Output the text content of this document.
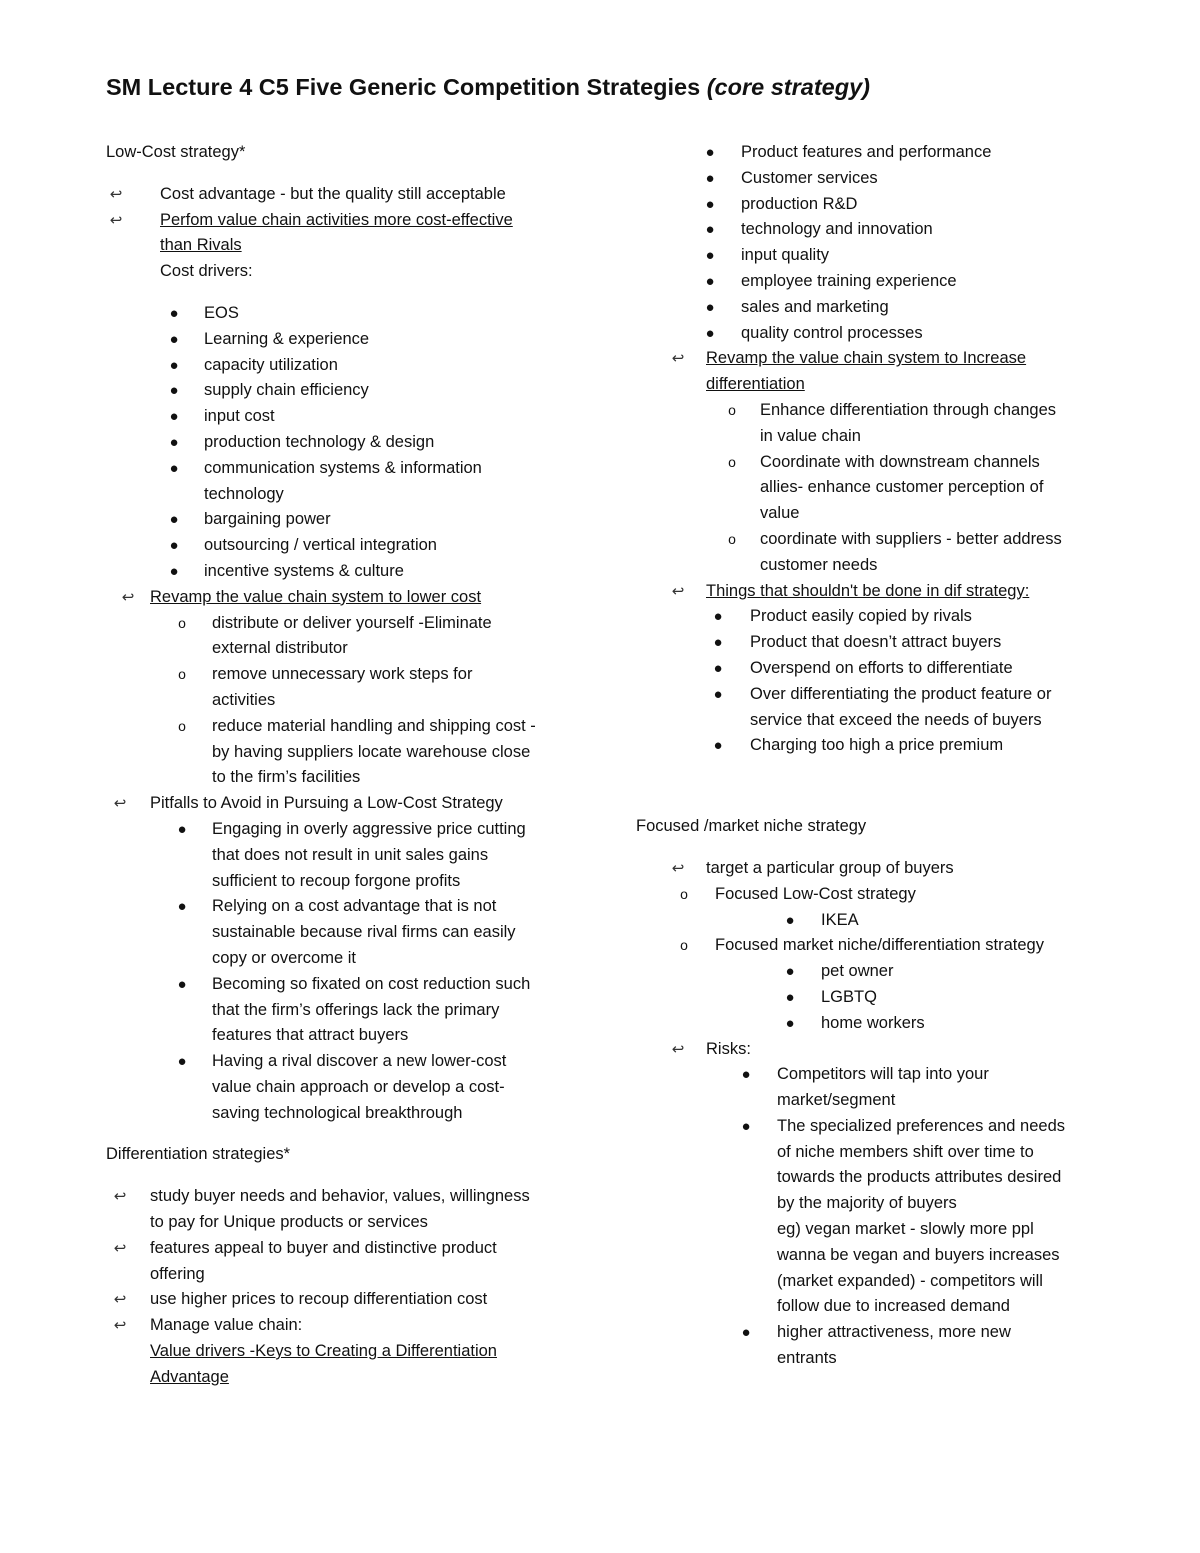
SM Lecture 4 C5 Five Generic Competition Strategies (core strategy)
Low-Cost strategy*
↩ Cost advantage - but the quality still acceptable
↩ Perfom value chain activities more cost-effective
than Rivals
Cost drivers:
●	EOS
●	Learning & experience
●	capacity utilization
●	supply chain efficiency
●	input cost
●	production technology & design
●	communication systems & information
technology
●	bargaining power
●	outsourcing / vertical integration
●	incentive systems & culture
↩ Revamp the value chain system to lower cost
o	distribute or deliver yourself -Eliminate
external distributor
o	remove unnecessary work steps for
activities
o	reduce material handling and shipping cost -
by having suppliers locate warehouse close
to the firm’s facilities
↩ Pitfalls to Avoid in Pursuing a Low-Cost Strategy
●	Engaging in overly aggressive price cutting
that does not result in unit sales gains
sufficient to recoup forgone profits
●	Relying on a cost advantage that is not
sustainable because rival firms can easily
copy or overcome it
●	Becoming so fixated on cost reduction such
that the firm’s offerings lack the primary
features that attract buyers
●	Having a rival discover a new lower-cost
value chain approach or develop a cost-
saving technological breakthrough
Differentiation strategies*
↩ study buyer needs and behavior, values, willingness
to pay for Unique products or services
↩ features appeal to buyer and distinctive product
offering
↩ use higher prices to recoup differentiation cost
↩ Manage value chain:
Value drivers -Keys to Creating a Differentiation
Advantage
●	Product features and performance
●	Customer services
●	production R&D
●	technology and innovation
●	input quality
●	employee training experience
●	sales and marketing
●	quality control processes
↩ Revamp the value chain system to Increase
differentiation
o	Enhance differentiation through changes
in value chain
o	Coordinate with downstream channels
allies- enhance customer perception of
value
o	coordinate with suppliers - better address
customer needs
↩ Things that shouldn't be done in dif strategy:
●	Product easily copied by rivals
●	Product that doesn’t attract buyers
●	Overspend on efforts to differentiate
●	Over differentiating the product feature or
service that exceed the needs of buyers
●	Charging too high a price premium
Focused /market niche strategy
↩ target a particular group of buyers
o	Focused Low-Cost strategy
●	IKEA
o	Focused market niche/differentiation strategy
●	pet owner
●	LGBTQ
●	home workers
↩ Risks:
●	Competitors will tap into your
market/segment
●	The specialized preferences and needs
of niche members shift over time to
towards the products attributes desired
by the majority of buyers
eg) vegan market - slowly more ppl
wanna be vegan and buyers increases
(market expanded) - competitors will
follow due to increased demand
●	higher attractiveness, more new
entrants
